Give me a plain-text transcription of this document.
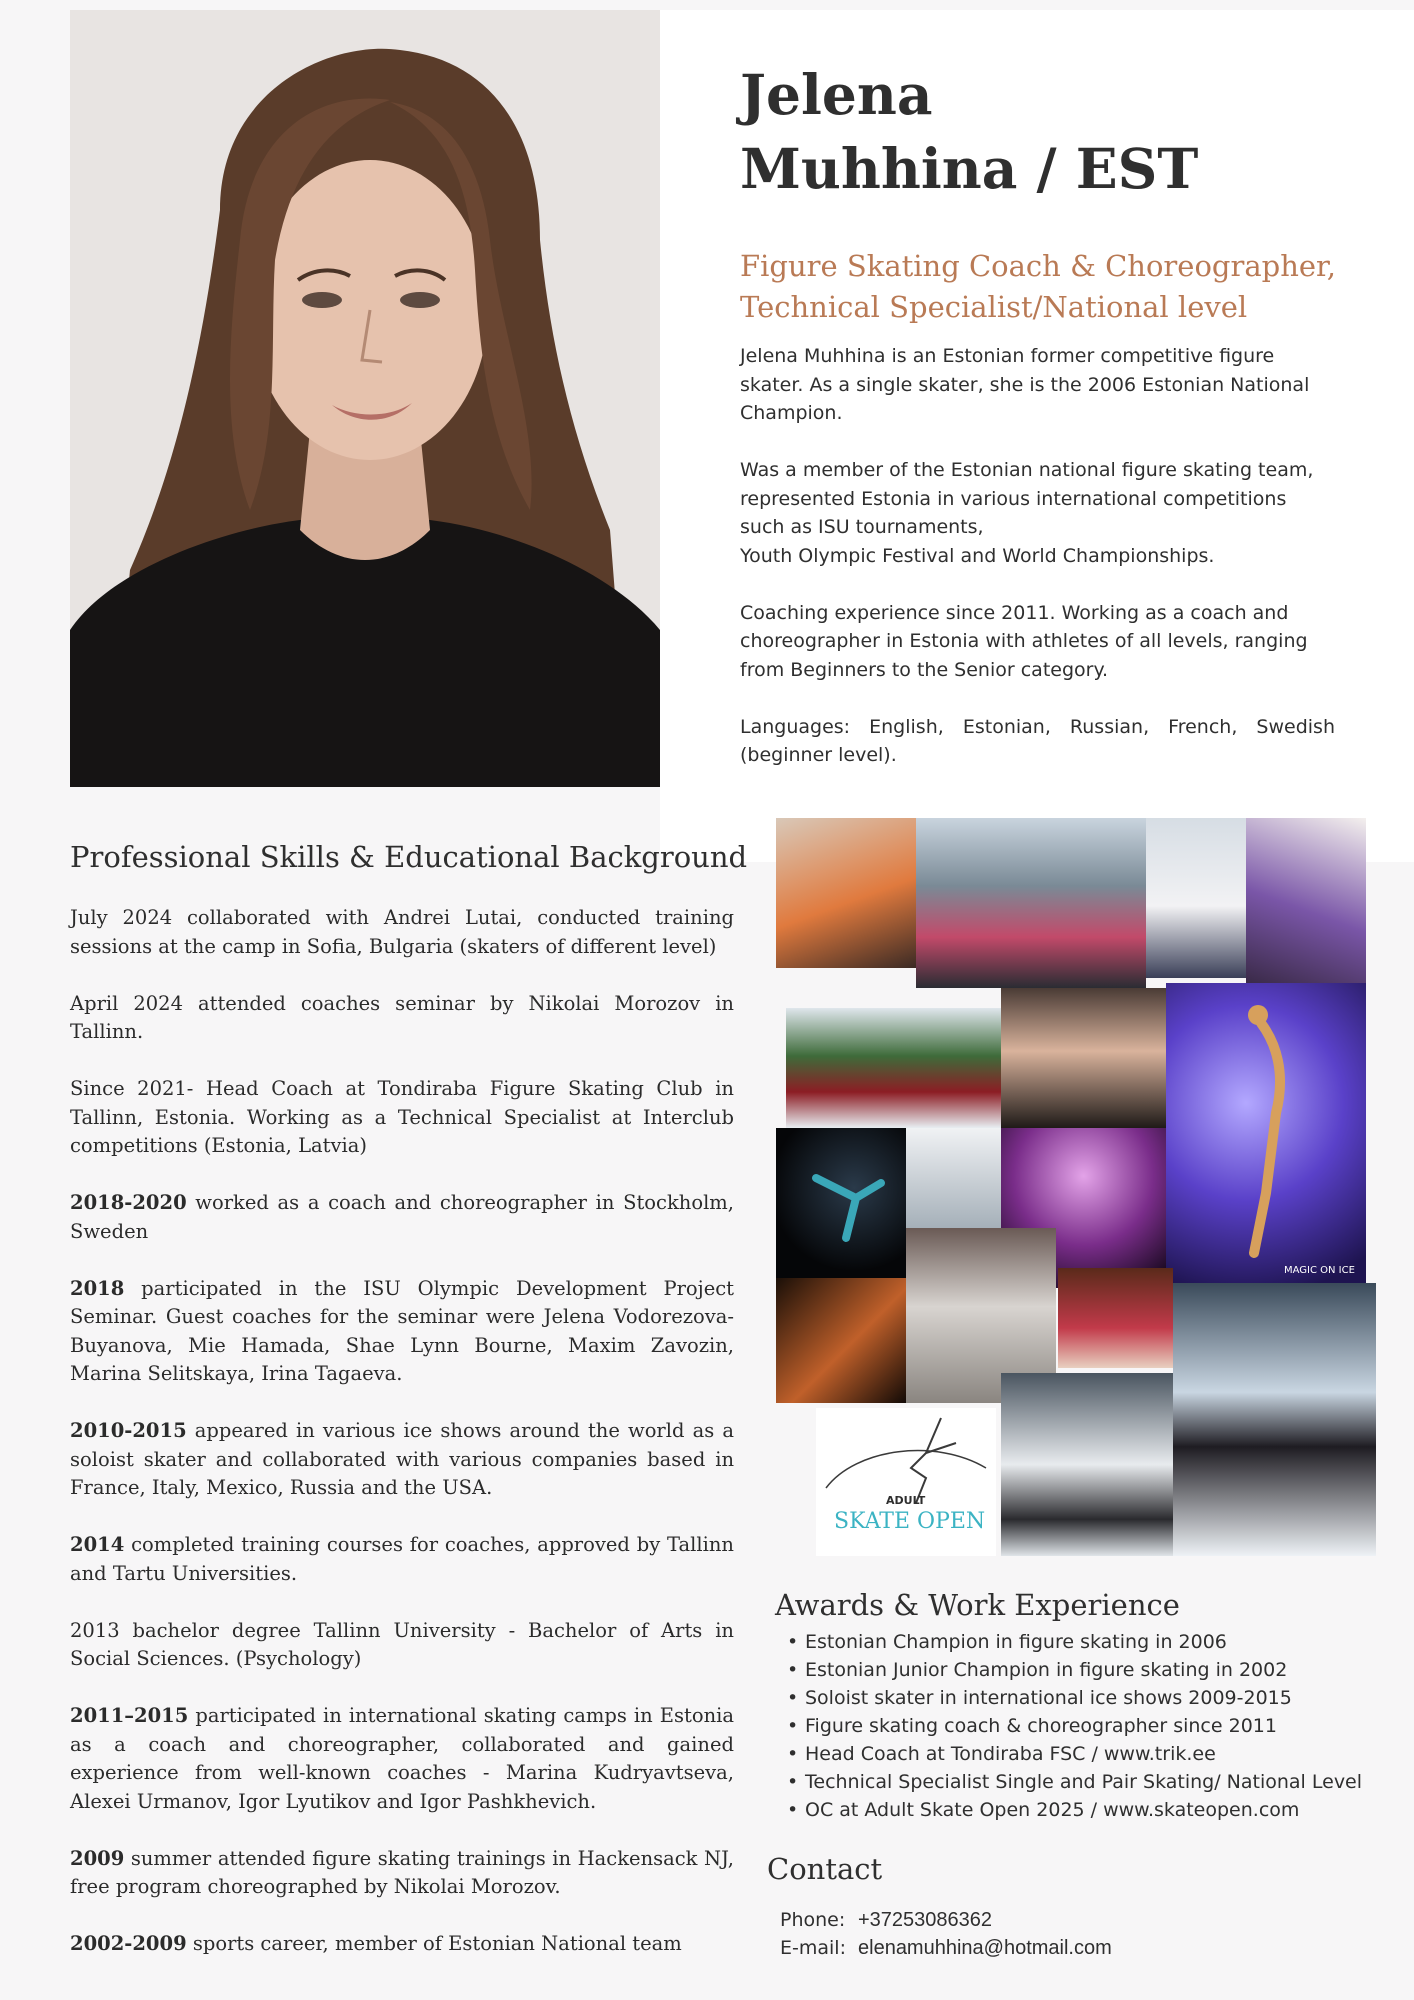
Jelena
Muhhina / EST
Figure Skating Coach & Choreographer,
Technical Specialist/National level

Jelena Muhhina is an Estonian former competitive figure skater. As a single skater, she is the 2006 Estonian National Champion.

Was a member of the Estonian national figure skating team, represented Estonia in various international competitions such as ISU tournaments,
Youth Olympic Festival and World Championships.

Coaching experience since 2011. Working as a coach and choreographer in Estonia with athletes of all levels, ranging from Beginners to the Senior category.

Languages: English, Estonian, Russian, French, Swedish (beginner level).

Professional Skills & Educational Background

July 2024 collaborated with Andrei Lutai, conducted training sessions at the camp in Sofia, Bulgaria (skaters of different level)

April 2024 attended coaches seminar by Nikolai Morozov in Tallinn.

Since 2021- Head Coach at Tondiraba Figure Skating Club in Tallinn, Estonia. Working as a Technical Specialist at Interclub competitions (Estonia, Latvia)

2018-2020 worked as a coach and choreographer in Stockholm, Sweden

2018 participated in the ISU Olympic Development Project Seminar. Guest coaches for the seminar were Jelena Vodorezova-Buyanova, Mie Hamada, Shae Lynn Bourne, Maxim Zavozin, Marina Selitskaya, Irina Tagaeva.

2010-2015 appeared in various ice shows around the world as a soloist skater and collaborated with various companies based in France, Italy, Mexico, Russia and the USA.

2014 completed training courses for coaches, approved by Tallinn and Tartu Universities.

2013 bachelor degree Tallinn University - Bachelor of Arts in Social Sciences. (Psychology)

2011–2015 participated in international skating camps in Estonia as a coach and choreographer, collaborated and gained experience from well-known coaches - Marina Kudryavtseva, Alexei Urmanov, Igor Lyutikov and Igor Pashkhevich.

2009 summer attended figure skating trainings in Hackensack NJ, free program choreographed by Nikolai Morozov.

2002-2009 sports career, member of Estonian National team

MAGIC ON ICE
ADULT
SKATE OPEN
Awards & Work Experience
• Estonian Champion in figure skating in 2006
• Estonian Junior Champion in figure skating in 2002
• Soloist skater in international ice shows 2009-2015
• Figure skating coach & choreographer since 2011
• Head Coach at Tondiraba FSC / www.trik.ee
• Technical Specialist Single and Pair Skating/ National Level
• OC at Adult Skate Open 2025 / www.skateopen.com
Contact
Phone: +37253086362
E-mail: elenamuhhina@hotmail.com
